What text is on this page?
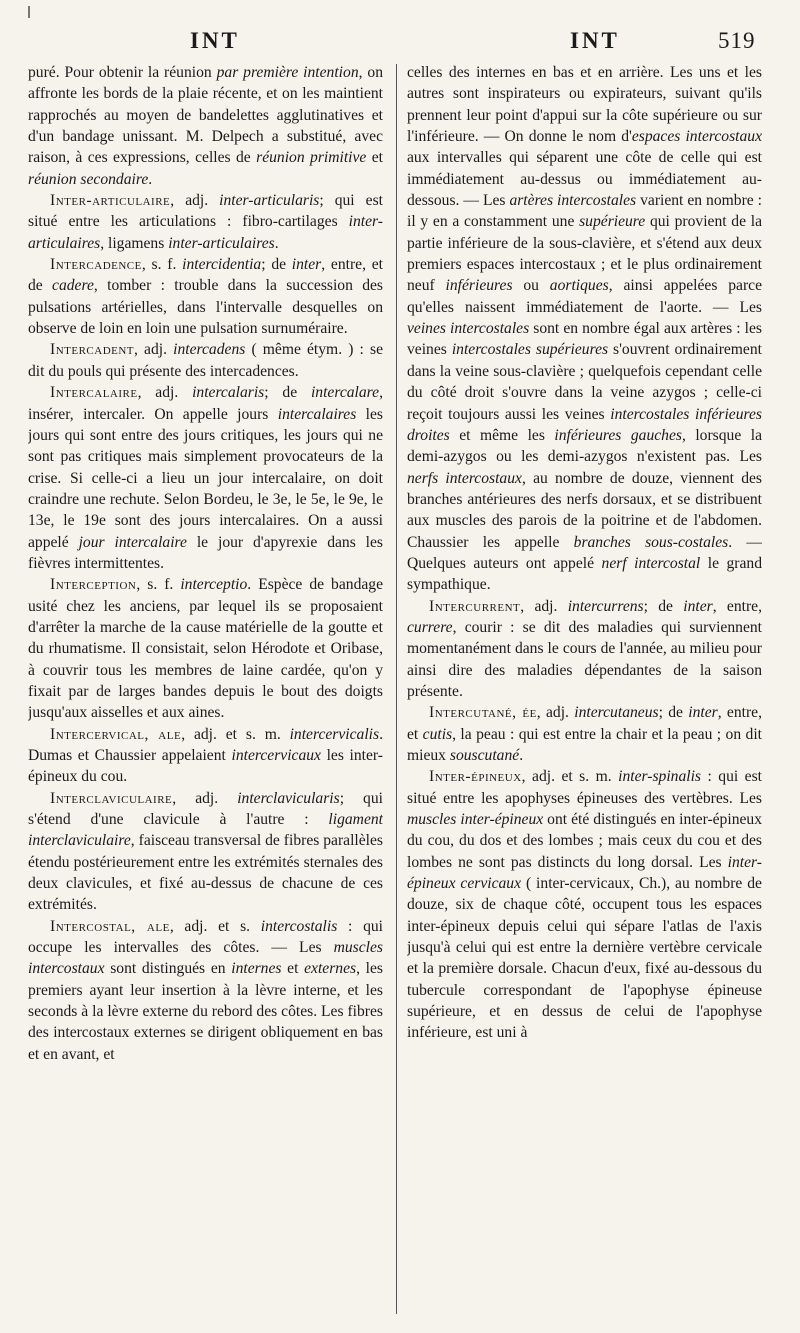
INT	INT	519

puré. Pour obtenir la réunion par première intention, on affronte les bords de la plaie récente, et on les maintient rapprochés au moyen de bandelettes agglutinatives et d'un bandage unissant. M. Delpech a substitué, avec raison, à ces expressions, celles de réunion primitive et réunion secondaire.

Inter-articulaire, adj. inter-articularis; qui est situé entre les articulations : fibro-cartilages inter-articulaires, ligamens inter-articulaires.

Intercadence, s. f. intercidentia; de inter, entre, et de cadere, tomber : trouble dans la succession des pulsations artérielles, dans l'intervalle desquelles on observe de loin en loin une pulsation surnuméraire.

Intercadent, adj. intercadens ( même étym. ) : se dit du pouls qui présente des intercadences.

Intercalaire, adj. intercalaris; de intercalare, insérer, intercaler. On appelle jours intercalaires les jours qui sont entre des jours critiques, les jours qui ne sont pas critiques mais simplement provocateurs de la crise. Si celle-ci a lieu un jour intercalaire, on doit craindre une rechute. Selon Bordeu, le 3e, le 5e, le 9e, le 13e, le 19e sont des jours intercalaires. On a aussi appelé jour intercalaire le jour d'apyrexie dans les fièvres intermittentes.

Interception, s. f. interceptio. Espèce de bandage usité chez les anciens, par lequel ils se proposaient d'arrêter la marche de la cause matérielle de la goutte et du rhumatisme. Il consistait, selon Hérodote et Oribase, à couvrir tous les membres de laine cardée, qu'on y fixait par de larges bandes depuis le bout des doigts jusqu'aux aisselles et aux aines.

Intercervical, ale, adj. et s. m. intercervicalis. Dumas et Chaussier appelaient intercervicaux les inter-épineux du cou.

Interclaviculaire, adj. interclavicularis; qui s'étend d'une clavicule à l'autre : ligament interclaviculaire, faisceau transversal de fibres parallèles étendu postérieurement entre les extrémités sternales des deux clavicules, et fixé au-dessus de chacune de ces extrémités.

Intercostal, ale, adj. et s. intercostalis : qui occupe les intervalles des côtes. — Les muscles intercostaux sont distingués en internes et externes, les premiers ayant leur insertion à la lèvre interne, et les seconds à la lèvre externe du rebord des côtes. Les fibres des intercostaux externes se dirigent obliquement en bas et en avant, et

celles des internes en bas et en arrière. Les uns et les autres sont inspirateurs ou expirateurs, suivant qu'ils prennent leur point d'appui sur la côte supérieure ou sur l'inférieure. — On donne le nom d'espaces intercostaux aux intervalles qui séparent une côte de celle qui est immédiatement au-dessus ou immédiatement au-dessous. — Les artères intercostales varient en nombre : il y en a constamment une supérieure qui provient de la partie inférieure de la sous-clavière, et s'étend aux deux premiers espaces intercostaux ; et le plus ordinairement neuf inférieures ou aortiques, ainsi appelées parce qu'elles naissent immédiatement de l'aorte. — Les veines intercostales sont en nombre égal aux artères : les veines intercostales supérieures s'ouvrent ordinairement dans la veine sous-clavière ; quelquefois cependant celle du côté droit s'ouvre dans la veine azygos ; celle-ci reçoit toujours aussi les veines intercostales inférieures droites et même les inférieures gauches, lorsque la demi-azygos ou les demi-azygos n'existent pas. Les nerfs intercostaux, au nombre de douze, viennent des branches antérieures des nerfs dorsaux, et se distribuent aux muscles des parois de la poitrine et de l'abdomen. Chaussier les appelle branches sous-costales. — Quelques auteurs ont appelé nerf intercostal le grand sympathique.

Intercurrent, adj. intercurrens; de inter, entre, currere, courir : se dit des maladies qui surviennent momentanément dans le cours de l'année, au milieu pour ainsi dire des maladies dépendantes de la saison présente.

Intercutané, ée, adj. intercutaneus; de inter, entre, et cutis, la peau : qui est entre la chair et la peau ; on dit mieux souscutané.

Inter-épineux, adj. et s. m. inter-spinalis : qui est situé entre les apophyses épineuses des vertèbres. Les muscles inter-épineux ont été distingués en inter-épineux du cou, du dos et des lombes ; mais ceux du cou et des lombes ne sont pas distincts du long dorsal. Les inter-épineux cervicaux ( inter-cervicaux, Ch.), au nombre de douze, six de chaque côté, occupent tous les espaces inter-épineux depuis celui qui sépare l'atlas de l'axis jusqu'à celui qui est entre la dernière vertèbre cervicale et la première dorsale. Chacun d'eux, fixé au-dessous du tubercule correspondant de l'apophyse épineuse supérieure, et en dessus de celui de l'apophyse inférieure, est uni à
